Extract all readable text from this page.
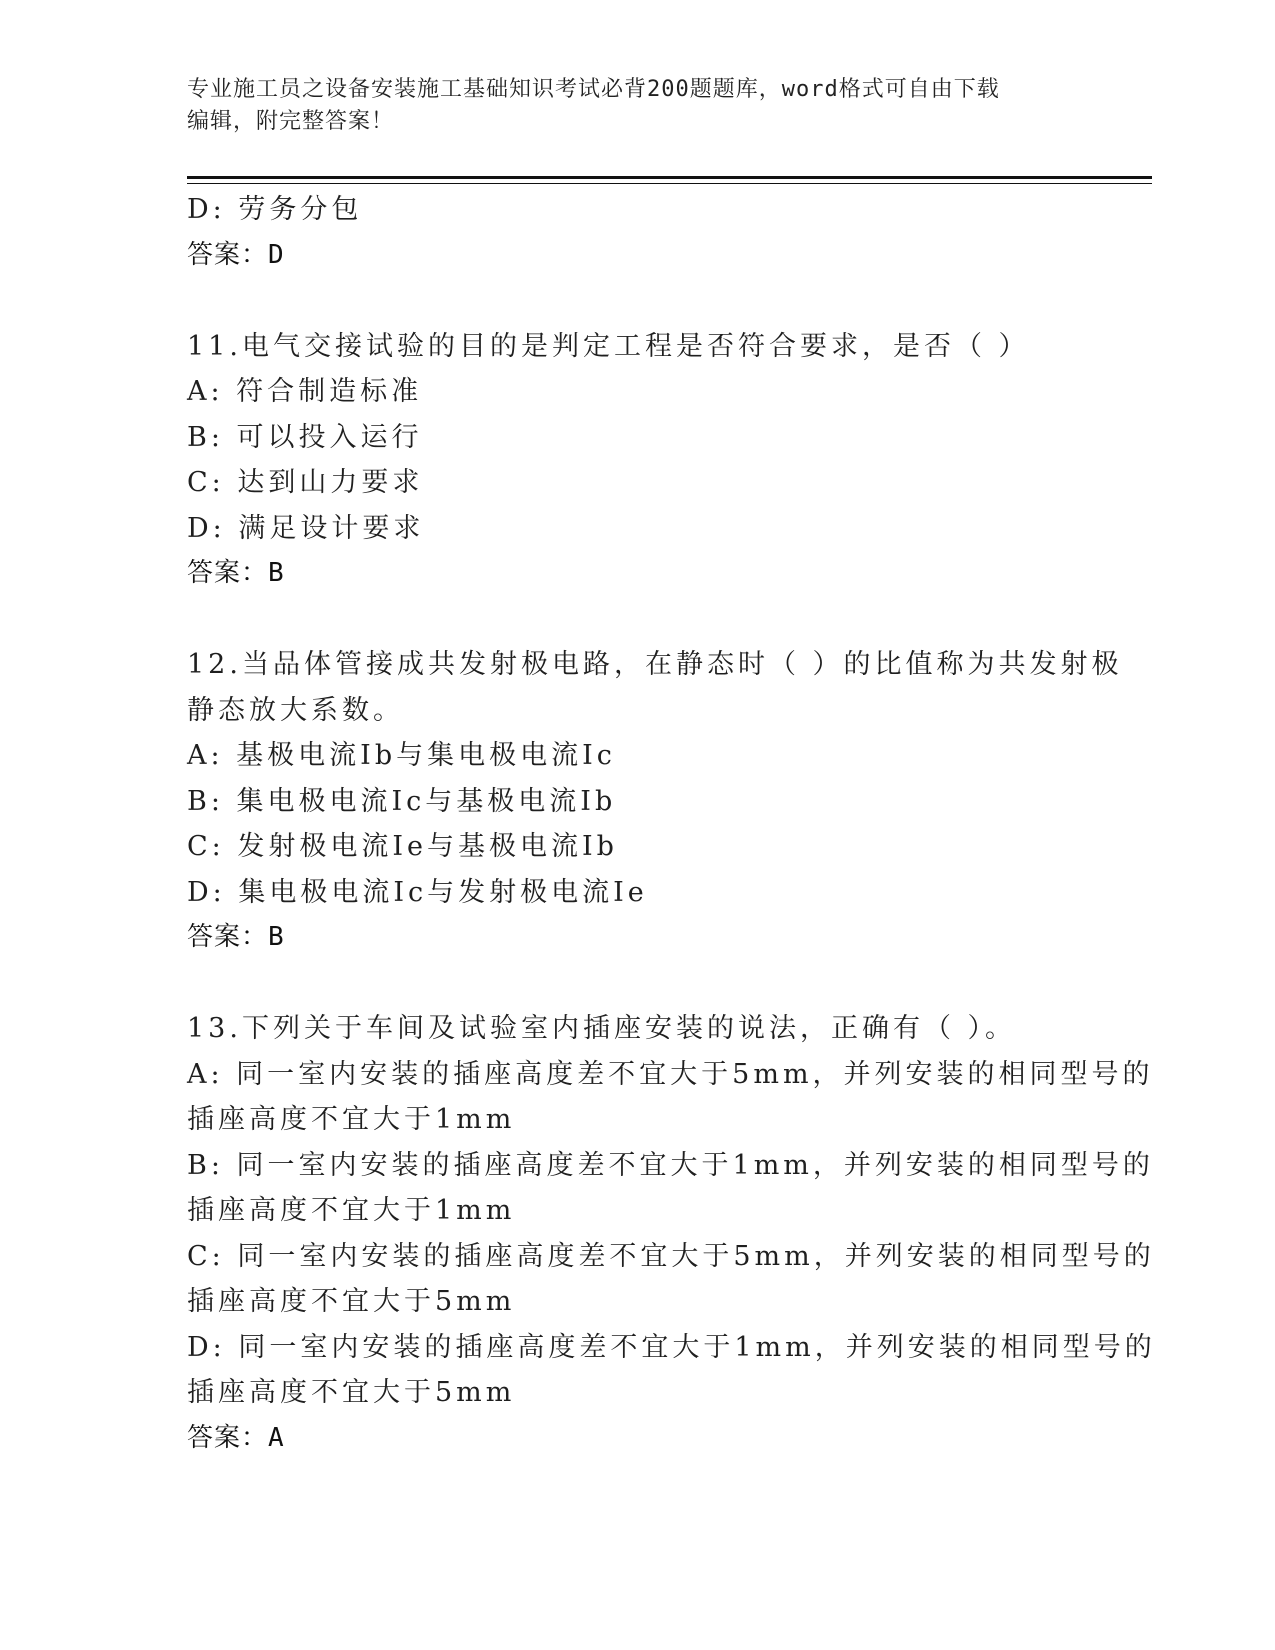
专业施工员之设备安装施工基础知识考试必背200题题库，word格式可自由下载
编辑，附完整答案！
D: 劳务分包
答案：D
11.电气交接试验的目的是判定工程是否符合要求，是否（ ）
A: 符合制造标准
B: 可以投入运行
C: 达到山力要求
D: 满足设计要求
答案：B
12.当品体管接成共发射极电路，在静态时（ ）的比值称为共发射极
静态放大系数。
A: 基极电流Ib与集电极电流Ic
B: 集电极电流Ic与基极电流Ib
C: 发射极电流Ie与基极电流Ib
D: 集电极电流Ic与发射极电流Ie
答案：B
13.下列关于车间及试验室内插座安装的说法，正确有（ ）。
A: 同一室内安装的插座高度差不宜大于5mm，并列安装的相同型号的
插座高度不宜大于1mm
B: 同一室内安装的插座高度差不宜大于1mm，并列安装的相同型号的
插座高度不宜大于1mm
C: 同一室内安装的插座高度差不宜大于5mm，并列安装的相同型号的
插座高度不宜大于5mm
D: 同一室内安装的插座高度差不宜大于1mm，并列安装的相同型号的
插座高度不宜大于5mm
答案：A
